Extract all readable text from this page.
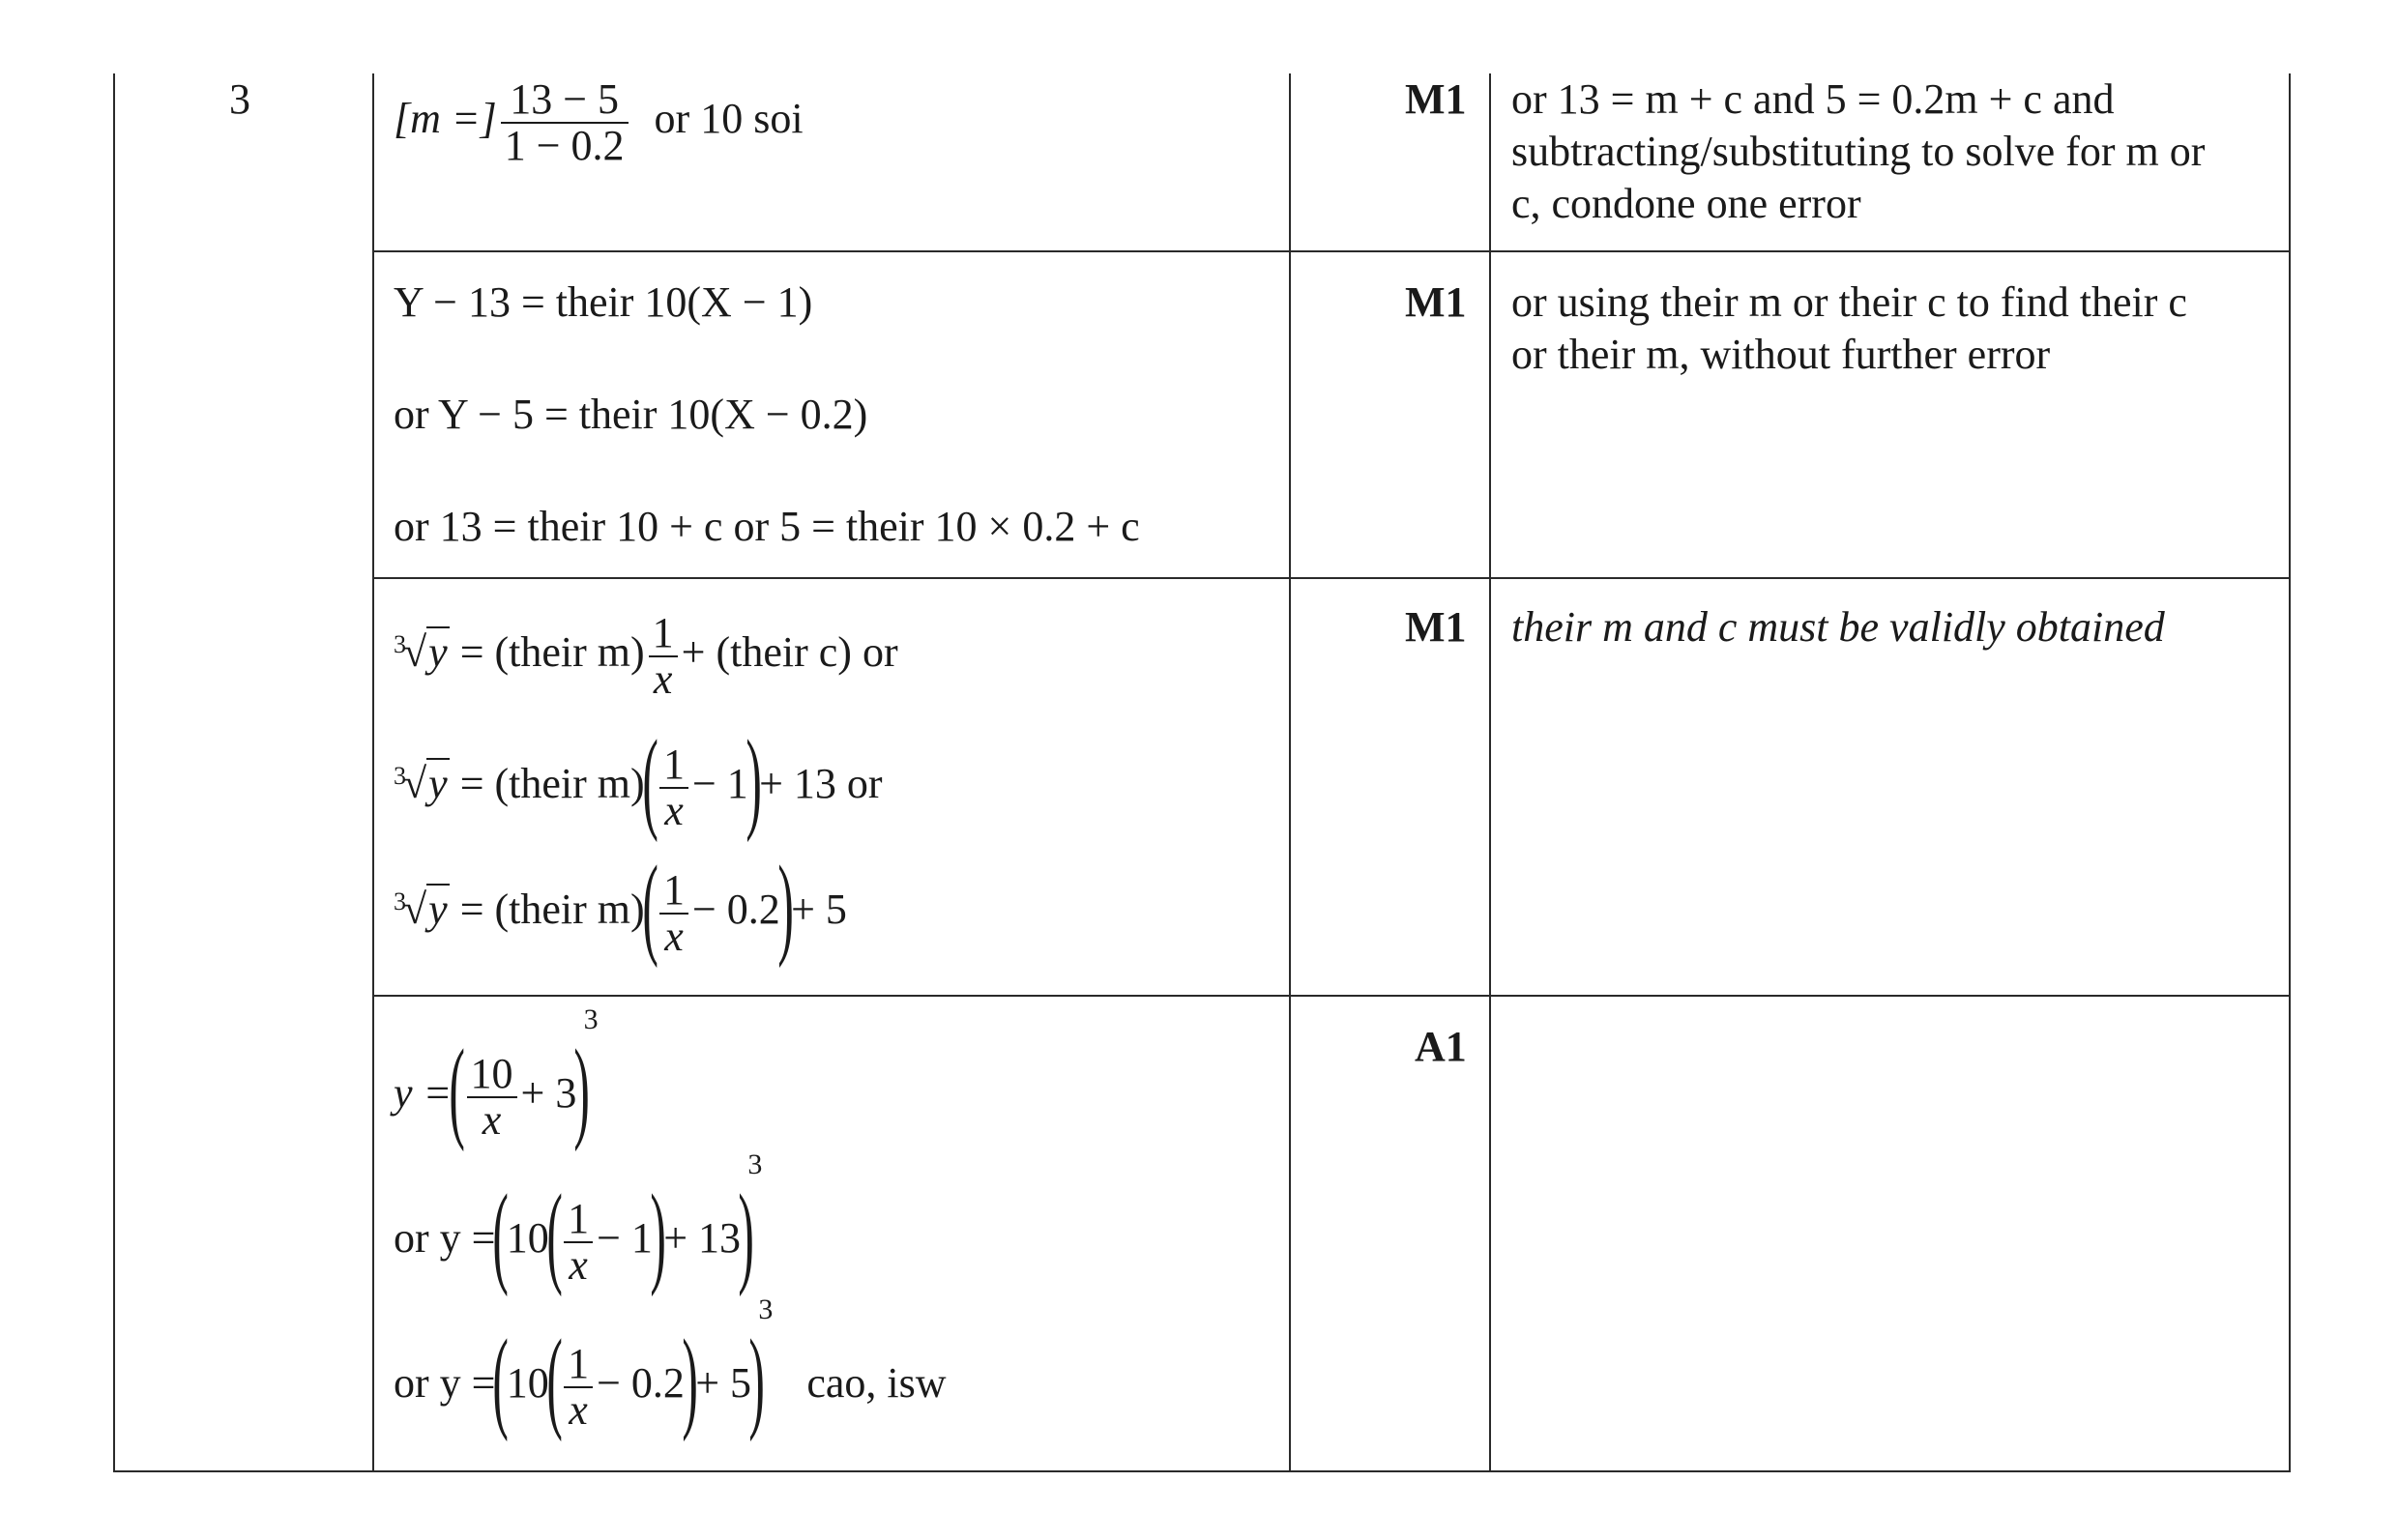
3	[m =] $\frac{13 - 5}{1 - 0.2}$ or 10 soi	M1 or 13 = m + c and 5 = 0.2m + c and
subtracting/substituting to solve for m or
c, condone one error
Y − 13 = their 10(X − 1)
or Y − 5 = their 10(X − 0.2)
or 13 = their 10 + c or 5 = their 10 × 0.2 + c
M1 or using their m or their c to find their c
or their m, without further error
3
√y = (their $m) \frac{1}{x}$ + (their c) or
3
√y = (their $m)( \frac{1}{x} - 1)+ 13$ or
3
√y = (their $m)( \frac{1}{x} - 0.2)+ 5$
M1 their m and c must be validly obtained
y =( $\frac{10}{x} + 3)^3$
or $y =(10( \frac{1}{x} - 1)+ 13)^3$
or $y =(10( \frac{1}{x} - 0.2)+ 5)^3$ cao, isw
A1
